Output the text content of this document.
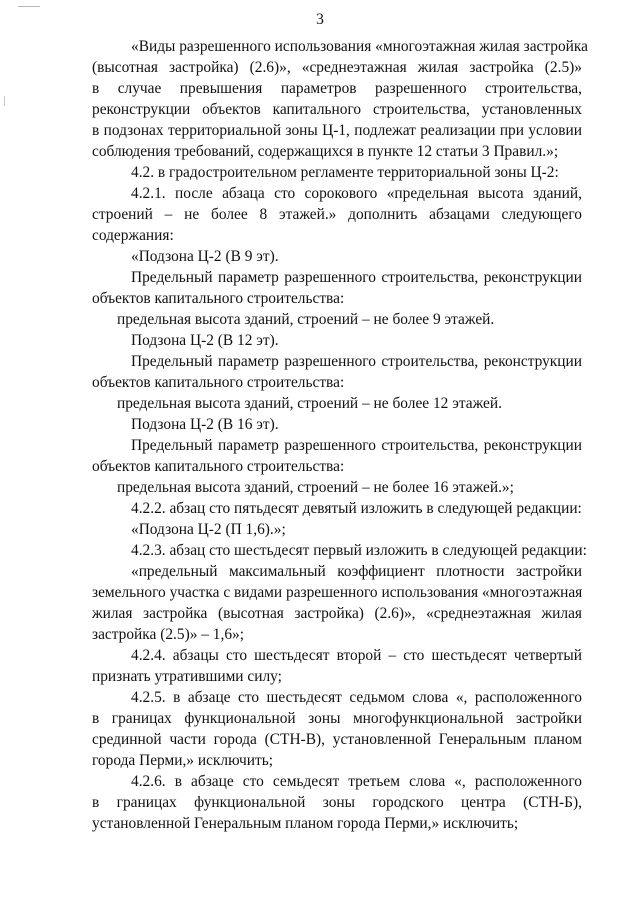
3
«Виды разрешенного использования «многоэтажная жилая застройка
(высотная застройка) (2.6)», «среднеэтажная жилая застройка (2.5)»
в случае превышения параметров разрешенного строительства,
реконструкции объектов капитального строительства, установленных
в подзонах территориальной зоны Ц-1, подлежат реализации при условии
соблюдения требований, содержащихся в пункте 12 статьи 3 Правил.»;
4.2. в градостроительном регламенте территориальной зоны Ц-2:
4.2.1. после абзаца сто сорокового «предельная высота зданий,
строений – не более 8 этажей.» дополнить абзацами следующего
содержания:
«Подзона Ц-2 (В 9 эт).
Предельный параметр разрешенного строительства, реконструкции
объектов капитального строительства:
предельная высота зданий, строений – не более 9 этажей.
Подзона Ц-2 (В 12 эт).
Предельный параметр разрешенного строительства, реконструкции
объектов капитального строительства:
предельная высота зданий, строений – не более 12 этажей.
Подзона Ц-2 (В 16 эт).
Предельный параметр разрешенного строительства, реконструкции
объектов капитального строительства:
предельная высота зданий, строений – не более 16 этажей.»;
4.2.2. абзац сто пятьдесят девятый изложить в следующей редакции:
«Подзона Ц-2 (П 1,6).»;
4.2.3. абзац сто шестьдесят первый изложить в следующей редакции:
«предельный максимальный коэффициент плотности застройки
земельного участка с видами разрешенного использования «многоэтажная
жилая застройка (высотная застройка) (2.6)», «среднеэтажная жилая
застройка (2.5)» – 1,6»;
4.2.4. абзацы сто шестьдесят второй – сто шестьдесят четвертый
признать утратившими силу;
4.2.5. в абзаце сто шестьдесят седьмом слова «, расположенного
в границах функциональной зоны многофункциональной застройки
срединной части города (СТН-В), установленной Генеральным планом
города Перми,» исключить;
4.2.6. в абзаце сто семьдесят третьем слова «, расположенного
в границах функциональной зоны городского центра (СТН-Б),
установленной Генеральным планом города Перми,» исключить;
